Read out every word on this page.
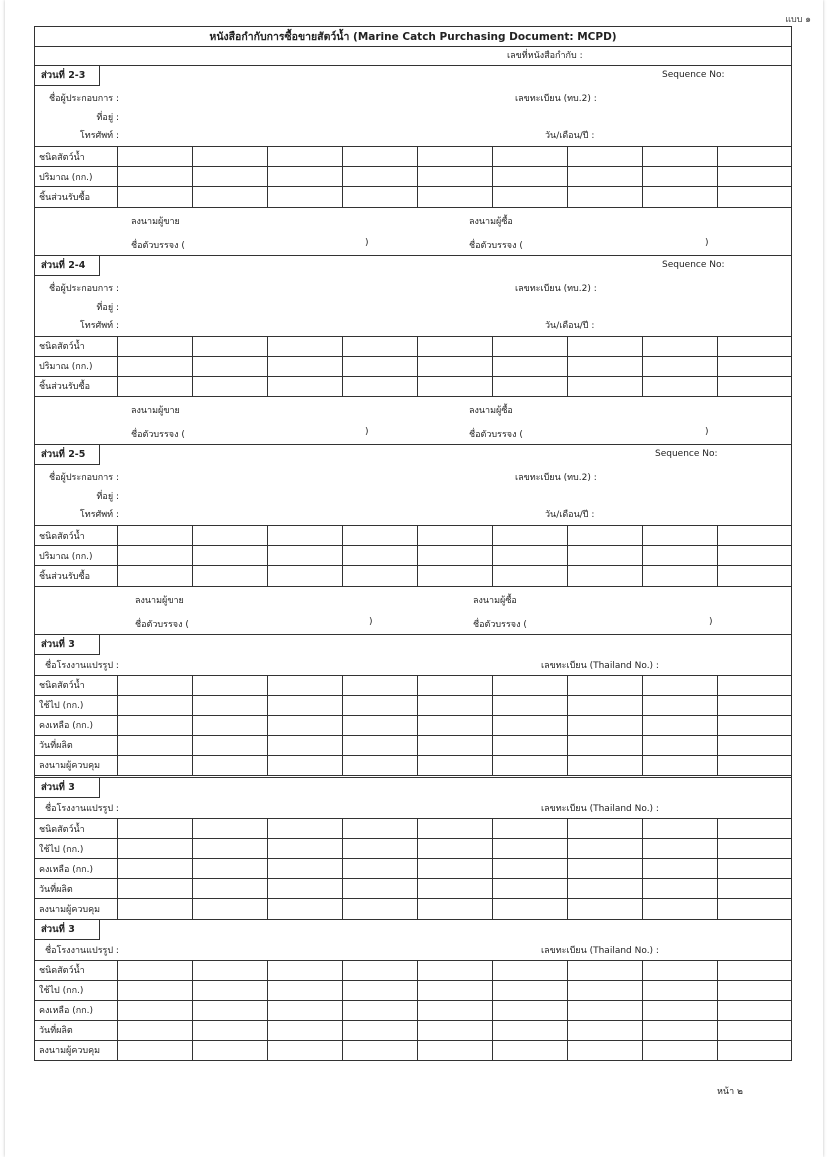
แบบ ๑
หนังสือกำกับการซื้อขายสัตว์น้ำ (Marine Catch Purchasing Document: MCPD)
เลขที่หนังสือกำกับ :
ส่วนที่ 2-3	Sequence No:
ชื่อผู้ประกอบการ :	เลขทะเบียน (ทบ.2) :
ที่อยู่ :
โทรศัพท์ :	วัน/เดือน/ปี :
ชนิดสัตว์น้ำ									
ปริมาณ (กก.)									
ชิ้นส่วนรับซื้อ									
ลงนามผู้ขาย	ลงนามผู้ซื้อ
ชื่อตัวบรรจง (	)	ชื่อตัวบรรจง (	)
ส่วนที่ 2-4	Sequence No:
ชื่อผู้ประกอบการ :	เลขทะเบียน (ทบ.2) :
ที่อยู่ :
โทรศัพท์ :	วัน/เดือน/ปี :
ชนิดสัตว์น้ำ									
ปริมาณ (กก.)									
ชิ้นส่วนรับซื้อ									
ลงนามผู้ขาย	ลงนามผู้ซื้อ
ชื่อตัวบรรจง (	)	ชื่อตัวบรรจง (	)
ส่วนที่ 2-5	Sequence No:
ชื่อผู้ประกอบการ :	เลขทะเบียน (ทบ.2) :
ที่อยู่ :
โทรศัพท์ :	วัน/เดือน/ปี :
ชนิดสัตว์น้ำ									
ปริมาณ (กก.)									
ชิ้นส่วนรับซื้อ									
ลงนามผู้ขาย	ลงนามผู้ซื้อ
ชื่อตัวบรรจง (	)	ชื่อตัวบรรจง (	)
ส่วนที่ 3
ชื่อโรงงานแปรรูป :	เลขทะเบียน (Thailand No.) :
ชนิดสัตว์น้ำ									
ใช้ไป (กก.)									
คงเหลือ (กก.)									
วันที่ผลิต									
ลงนามผู้ควบคุม									
ส่วนที่ 3
ชื่อโรงงานแปรรูป :	เลขทะเบียน (Thailand No.) :
ชนิดสัตว์น้ำ									
ใช้ไป (กก.)									
คงเหลือ (กก.)									
วันที่ผลิต									
ลงนามผู้ควบคุม									
ส่วนที่ 3
ชื่อโรงงานแปรรูป :	เลขทะเบียน (Thailand No.) :
ชนิดสัตว์น้ำ									
ใช้ไป (กก.)									
คงเหลือ (กก.)									
วันที่ผลิต									
ลงนามผู้ควบคุม									
หน้า ๒
